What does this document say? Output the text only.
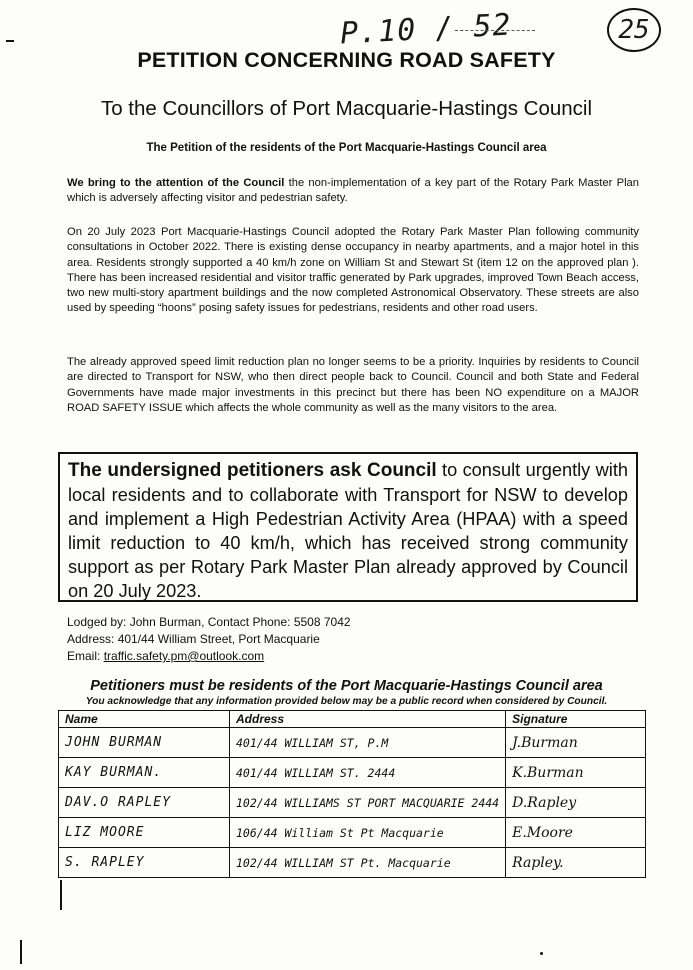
P.10 / 52	25
PETITION CONCERNING ROAD SAFETY
To the Councillors of Port Macquarie-Hastings Council
The Petition of the residents of the Port Macquarie-Hastings Council area
We bring to the attention of the Council the non-implementation of a key part of the Rotary Park Master Plan which is adversely affecting visitor and pedestrian safety.
On 20 July 2023 Port Macquarie-Hastings Council adopted the Rotary Park Master Plan following community consultations in October 2022. There is existing dense occupancy in nearby apartments, and a major hotel in this area. Residents strongly supported a 40 km/h zone on William St and Stewart St (item 12 on the approved plan ). There has been increased residential and visitor traffic generated by Park upgrades, improved Town Beach access, two new multi-story apartment buildings and the now completed Astronomical Observatory. These streets are also used by speeding “hoons” posing safety issues for pedestrians, residents and other road users.
The already approved speed limit reduction plan no longer seems to be a priority. Inquiries by residents to Council are directed to Transport for NSW, who then direct people back to Council. Council and both State and Federal Governments have made major investments in this precinct but there has been NO expenditure on a MAJOR ROAD SAFETY ISSUE which affects the whole community as well as the many visitors to the area.
The undersigned petitioners ask Council to consult urgently with local residents and to collaborate with Transport for NSW to develop and implement a High Pedestrian Activity Area (HPAA) with a speed limit reduction to 40 km/h, which has received strong community support as per Rotary Park Master Plan already approved by Council on 20 July 2023.
Lodged by: John Burman, Contact Phone: 5508 7042
Address: 401/44 William Street, Port Macquarie
Email: traffic.safety.pm@outlook.com
Petitioners must be residents of the Port Macquarie-Hastings Council area
You acknowledge that any information provided below may be a public record when considered by Council.
Name	Address	Signature
JOHN BURMAN	401/44 WILLIAM ST, P.M	J.Burman
KAY BURMAN.	401/44 WILLIAM ST. 2444	K.Burman
DAV.O RAPLEY	102/44 WILLIAMS ST PORT MACQUARIE 2444	D.Rapley
LIZ MOORE	106/44 William St Pt Macquarie	E.Moore
S. RAPLEY	102/44 WILLIAM ST Pt. Macquarie	Rapley.
